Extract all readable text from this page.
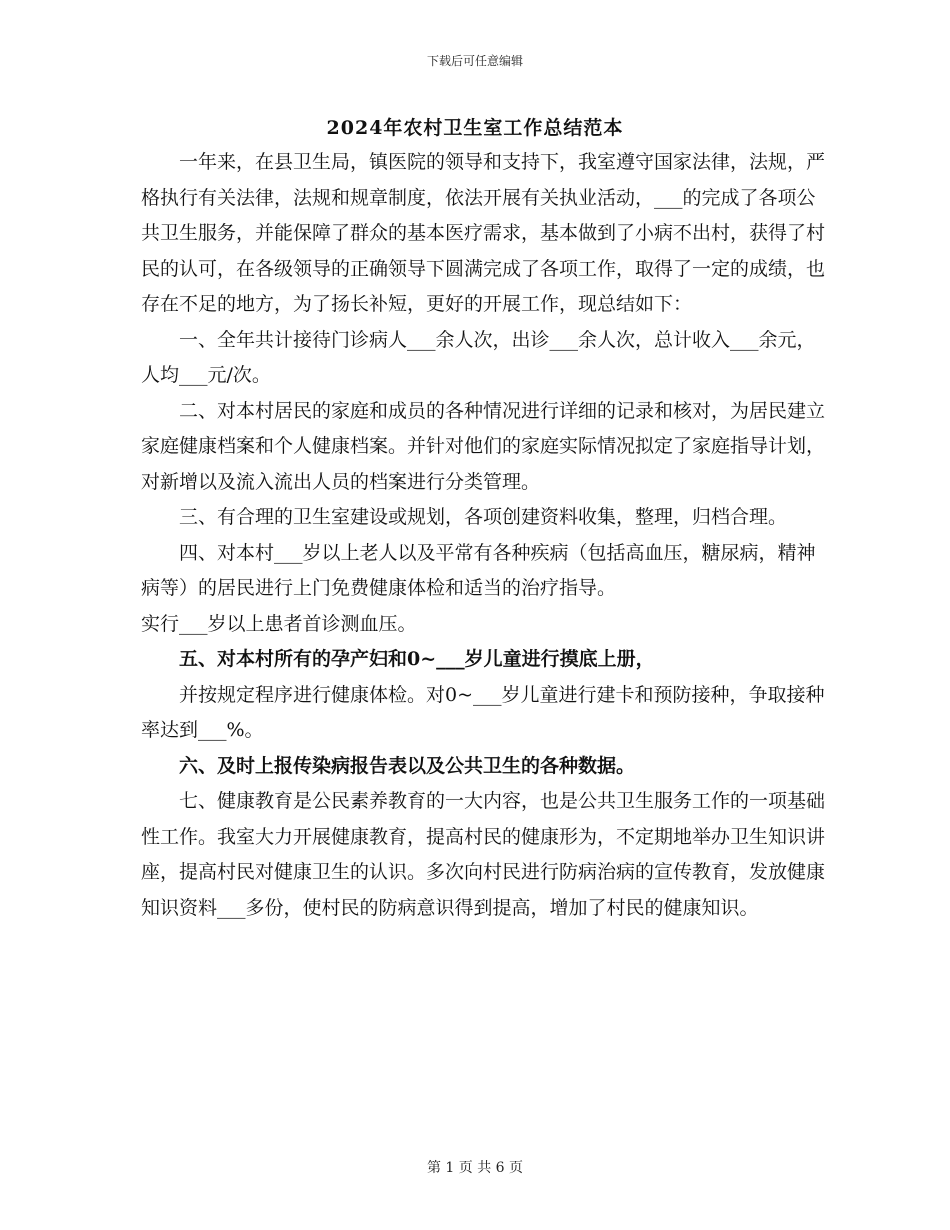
下载后可任意编辑
2024年农村卫生室工作总结范本

一年来，在县卫生局，镇医院的领导和支持下，我室遵守国家法律，法规，严格执行有关法律，法规和规章制度，依法开展有关执业活动，___的完成了各项公共卫生服务，并能保障了群众的基本医疗需求，基本做到了小病不出村，获得了村民的认可，在各级领导的正确领导下圆满完成了各项工作，取得了一定的成绩，也存在不足的地方，为了扬长补短，更好的开展工作，现总结如下：

一、全年共计接待门诊病人___余人次，出诊___余人次，总计收入___余元，人均___元/次。

二、对本村居民的家庭和成员的各种情况进行详细的记录和核对，为居民建立家庭健康档案和个人健康档案。并针对他们的家庭实际情况拟定了家庭指导计划，对新增以及流入流出人员的档案进行分类管理。

三、有合理的卫生室建设或规划，各项创建资料收集，整理，归档合理。

四、对本村___岁以上老人以及平常有各种疾病（包括高血压，糖尿病，精神病等）的居民进行上门免费健康体检和适当的治疗指导。

实行___岁以上患者首诊测血压。

五、对本村所有的孕产妇和0~___岁儿童进行摸底上册，

并按规定程序进行健康体检。对0~___岁儿童进行建卡和预防接种，争取接种率达到___%。

六、及时上报传染病报告表以及公共卫生的各种数据。

七、健康教育是公民素养教育的一大内容，也是公共卫生服务工作的一项基础性工作。我室大力开展健康教育，提高村民的健康形为，不定期地举办卫生知识讲座，提高村民对健康卫生的认识。多次向村民进行防病治病的宣传教育，发放健康知识资料___多份，使村民的防病意识得到提高，增加了村民的健康知识。

第 1 页 共 6 页
